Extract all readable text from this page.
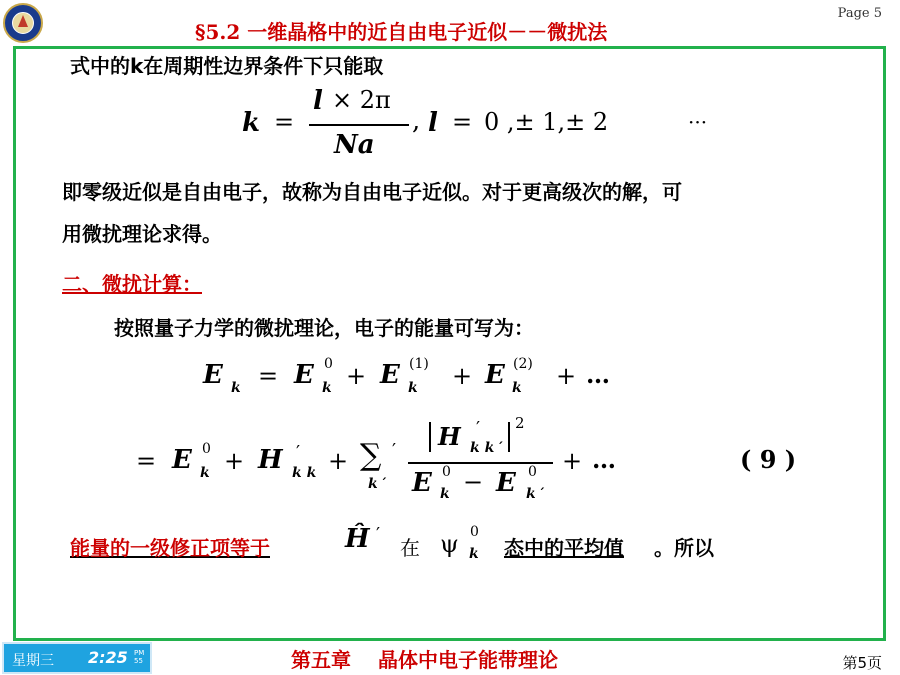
Page 5
§5.2 一维晶格中的近自由电子近似－－微扰法
式中的k在周期性边界条件下只能取
k =
l × 2π
Na
, l = 0 ,± 1,± 2	···
即零级近似是自由电子，故称为自由电子近似。对于更高级次的解，可
用微扰理论求得。
二、微扰计算：
按照量子力学的微扰理论，电子的能量可写为：
E k = E 0
k + E (1)
k + E (2)
k + …
= E 0
k + H ′
k k + ∑ ′
k ′
H ′
k k ′
2
E 0
k − E 0
k ′
+ …	( 9 )
能量的一级修正项等于	Ĥ ′
在 ψ 0
k 态中的平均值 。所以
星期三 2:25 PM
55	第五章　 晶体中电子能带理论	第5页
